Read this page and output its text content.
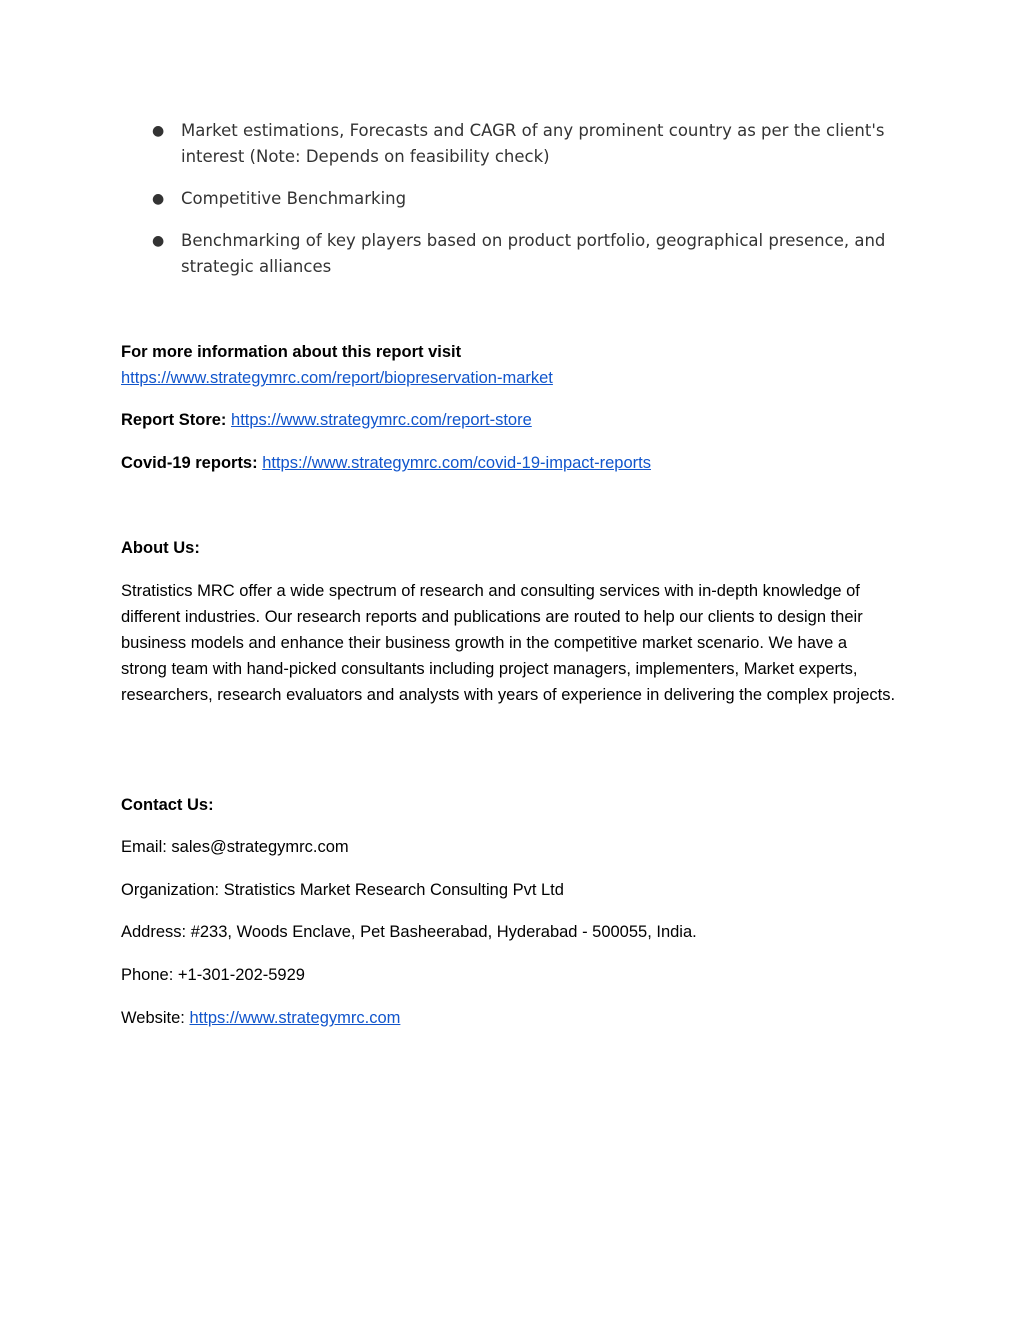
● Market estimations, Forecasts and CAGR of any prominent country as per the client's interest (Note: Depends on feasibility check)
● Competitive Benchmarking
● Benchmarking of key players based on product portfolio, geographical presence, and strategic alliances

For more information about this report visit

https://www.strategymrc.com/report/biopreservation-market

Report Store: https://www.strategymrc.com/report-store
Covid-19 reports: https://www.strategymrc.com/covid-19-impact-reports
About Us:
Stratistics MRC offer a wide spectrum of research and consulting services with in-depth knowledge of different industries. Our research reports and publications are routed to help our clients to design their business models and enhance their business growth in the competitive market scenario. We have a strong team with hand-picked consultants including project managers, implementers, Market experts, researchers, research evaluators and analysts with years of experience in delivering the complex projects.
Contact Us:
Email: sales@strategymrc.com
Organization: Stratistics Market Research Consulting Pvt Ltd
Address: #233, Woods Enclave, Pet Basheerabad, Hyderabad - 500055, India.
Phone: +1-301-202-5929
Website: https://www.strategymrc.com
